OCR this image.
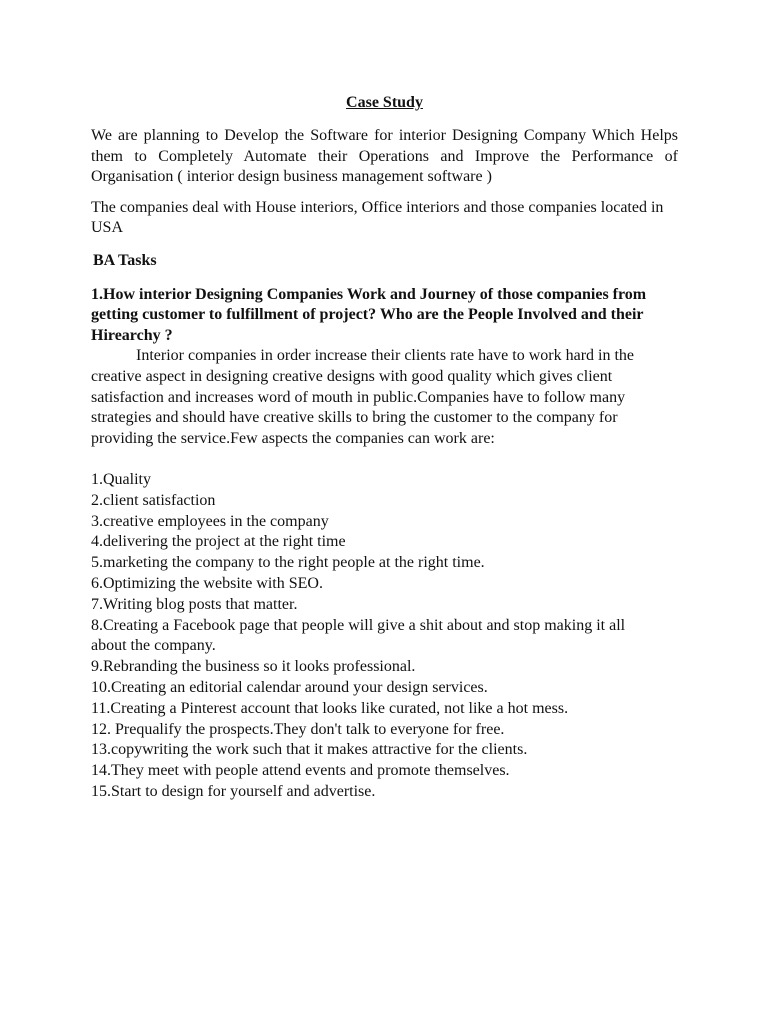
Case Study

We are planning to Develop the Software for interior Designing Company Which Helps them to Completely Automate their Operations and Improve the Performance of Organisation ( interior design business management software )

The companies deal with House interiors, Office interiors and those companies located in USA

BA Tasks

1.How interior Designing Companies Work and Journey of those companies from getting customer to fulfillment of project? Who are the People Involved and their Hirearchy ?

Interior companies in order increase their clients rate have to work hard in the creative aspect in designing creative designs with good quality which gives client satisfaction and increases word of mouth in public.Companies have to follow many strategies and should have creative skills to bring the customer to the company for providing the service.Few aspects the companies can work are:

1.Quality
2.client satisfaction
3.creative employees in the company
4.delivering the project at the right time
5.marketing the company to the right people at the right time.
6.Optimizing the website with SEO.
7.Writing blog posts that matter.
8.Creating a Facebook page that people will give a shit about and stop making it all about the company.
9.Rebranding the business so it looks professional.
10.Creating an editorial calendar around your design services.
11.Creating a Pinterest account that looks like curated, not like a hot mess.
12. Prequalify the prospects.They don't talk to everyone for free.
13.copywriting the work such that it makes attractive for the clients.
14.They meet with people attend events and promote themselves.
15.Start to design for yourself and advertise.
